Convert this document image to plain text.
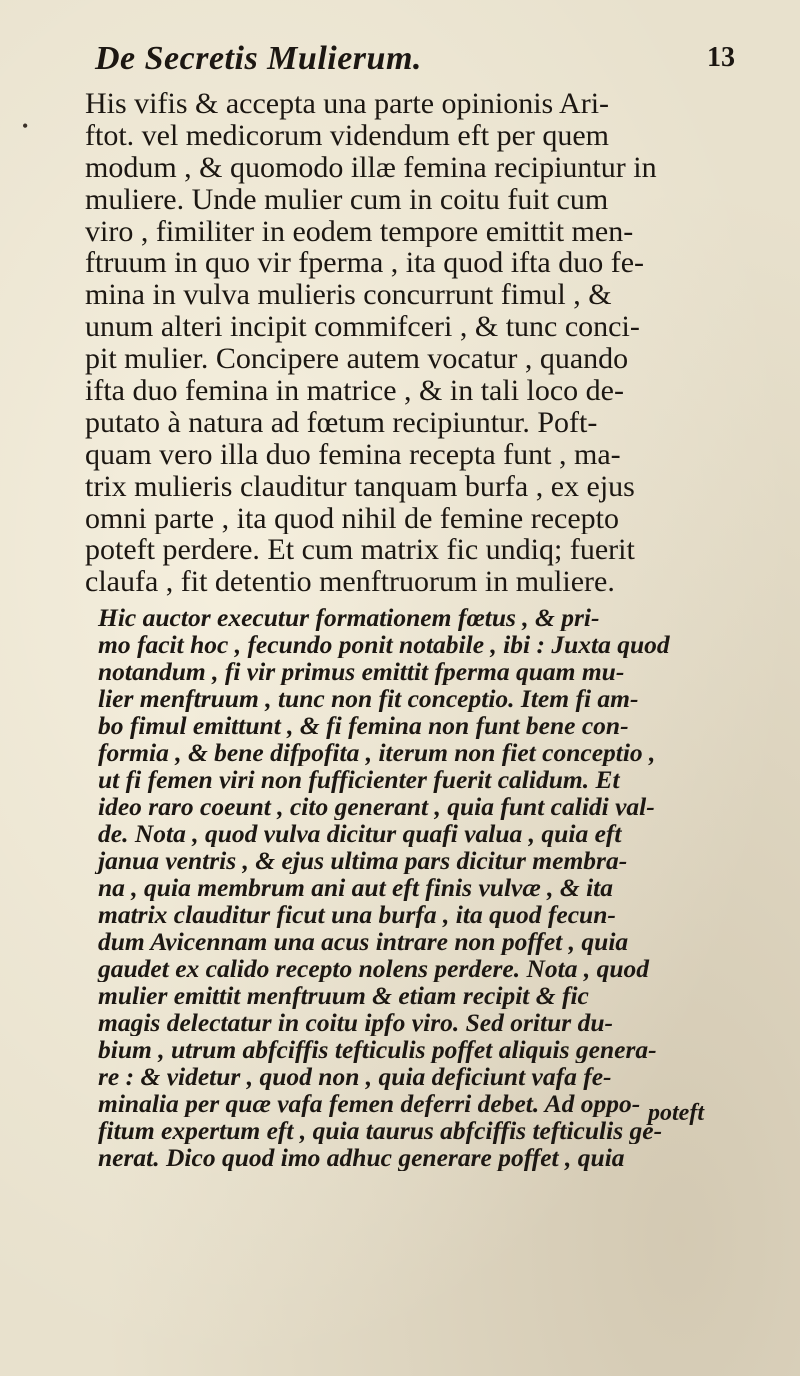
•
De Secretis Mulierum.	13
His vifis & accepta una parte opinionis Ari-
ftot. vel medicorum videndum eft per quem
modum , & quomodo illæ femina recipiuntur in
muliere. Unde mulier cum in coitu fuit cum
viro , fimiliter in eodem tempore emittit men-
ftruum in quo vir fperma , ita quod ifta duo fe-
mina in vulva mulieris concurrunt fimul , &
unum alteri incipit commifceri , & tunc conci-
pit mulier. Concipere autem vocatur , quando
ifta duo femina in matrice , & in tali loco de-
putato à natura ad fœtum recipiuntur. Poft-
quam vero illa duo femina recepta funt , ma-
trix mulieris clauditur tanquam burfa , ex ejus
omni parte , ita quod nihil de femine recepto
poteft perdere. Et cum matrix fic undiq; fuerit
claufa , fit detentio menftruorum in muliere.
Hic auctor executur formationem fœtus , & pri-
mo facit hoc , fecundo ponit notabile , ibi : Juxta quod
notandum , fi vir primus emittit fperma quam mu-
lier menftruum , tunc non fit conceptio. Item fi am-
bo fimul emittunt , & fi femina non funt bene con-
formia , & bene difpofita , iterum non fiet conceptio ,
ut fi femen viri non fufficienter fuerit calidum. Et
ideo raro coeunt , cito generant , quia funt calidi val-
de. Nota , quod vulva dicitur quafi valua , quia eft
janua ventris , & ejus ultima pars dicitur membra-
na , quia membrum ani aut eft finis vulvæ , & ita
matrix clauditur ficut una burfa , ita quod fecun-
dum Avicennam una acus intrare non poffet , quia
gaudet ex calido recepto nolens perdere. Nota , quod
mulier emittit menftruum & etiam recipit & fic
magis delectatur in coitu ipfo viro. Sed oritur du-
bium , utrum abfciffis tefticulis poffet aliquis genera-
re : & videtur , quod non , quia deficiunt vafa fe-
minalia per quæ vafa femen deferri debet. Ad oppo-
fitum expertum eft , quia taurus abfciffis tefticulis ge-
nerat. Dico quod imo adhuc generare poffet , quia
poteft
